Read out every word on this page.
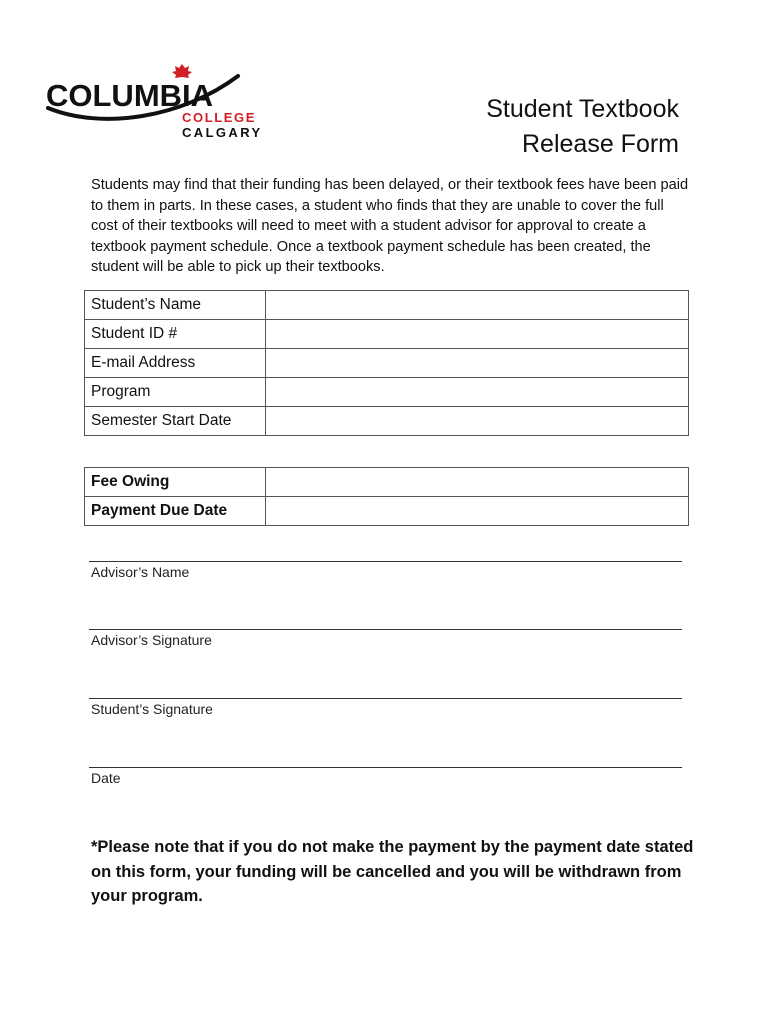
COLUMBIA
COLLEGE
CALGARY
Student Textbook
Release Form
Students may find that their funding has been delayed, or their textbook fees have been paid to them in parts. In these cases, a student who finds that they are unable to cover the full cost of their textbooks will need to meet with a student advisor for approval to create a textbook payment schedule. Once a textbook payment schedule has been created, the student will be able to pick up their textbooks.
Student’s Name	
Student ID #	
E-mail Address	
Program	
Semester Start Date	
Fee Owing	
Payment Due Date	
Advisor’s Name
Advisor’s Signature
Student’s Signature
Date
*Please note that if you do not make the payment by the payment date stated on this form, your funding will be cancelled and you will be withdrawn from your program.
